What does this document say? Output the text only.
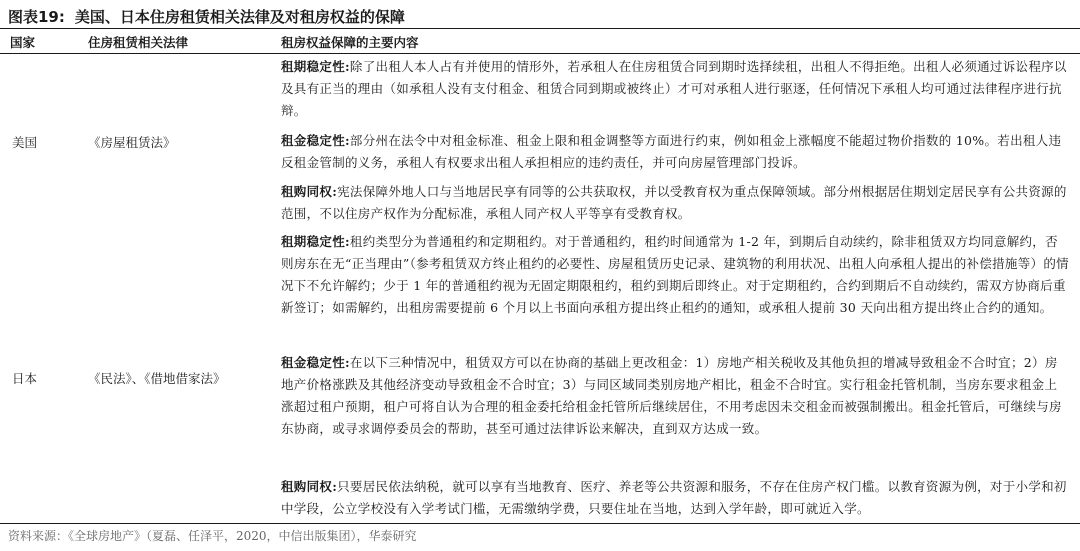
图表19: 美国、日本住房租赁相关法律及对租房权益的保障
国家	住房租赁相关法律	租房权益保障的主要内容
美国	《房屋租赁法》
租期稳定性:除了出租人本人占有并使用的情形外，若承租人在住房租赁合同到期时选择续租，出租人不得拒绝。出租人必须通过诉讼程序以及具有正当的理由（如承租人没有支付租金、租赁合同到期或被终止）才可对承租人进行驱逐，任何情况下承租人均可通过法律程序进行抗辩。
租金稳定性:部分州在法令中对租金标准、租金上限和租金调整等方面进行约束，例如租金上涨幅度不能超过物价指数的 10%。若出租人违反租金管制的义务，承租人有权要求出租人承担相应的违约责任，并可向房屋管理部门投诉。
租购同权:宪法保障外地人口与当地居民享有同等的公共获取权，并以受教育权为重点保障领域。部分州根据居住期划定居民享有公共资源的范围，不以住房产权作为分配标准，承租人同产权人平等享有受教育权。
日本	《民法》、《借地借家法》
租期稳定性:租约类型分为普通租约和定期租约。对于普通租约，租约时间通常为 1-2 年，到期后自动续约，除非租赁双方均同意解约，否则房东在无“正当理由”（参考租赁双方终止租约的必要性、房屋租赁历史记录、建筑物的利用状况、出租人向承租人提出的补偿措施等）的情况下不允许解约；少于 1 年的普通租约视为无固定期限租约，租约到期后即终止。对于定期租约，合约到期后不自动续约，需双方协商后重新签订；如需解约，出租房需要提前 6 个月以上书面向承租方提出终止租约的通知，或承租人提前 30 天向出租方提出终止合约的通知。
租金稳定性:在以下三种情况中，租赁双方可以在协商的基础上更改租金：1）房地产相关税收及其他负担的增减导致租金不合时宜；2）房地产价格涨跌及其他经济变动导致租金不合时宜；3）与同区域同类别房地产相比，租金不合时宜。实行租金托管机制，当房东要求租金上涨超过租户预期，租户可将自认为合理的租金委托给租金托管所后继续居住，不用考虑因未交租金而被强制搬出。租金托管后，可继续与房东协商，或寻求调停委员会的帮助，甚至可通过法律诉讼来解决，直到双方达成一致。
租购同权:只要居民依法纳税，就可以享有当地教育、医疗、养老等公共资源和服务，不存在住房产权门槛。以教育资源为例，对于小学和初中学段，公立学校没有入学考试门槛，无需缴纳学费，只要住址在当地，达到入学年龄，即可就近入学。
资料来源：《全球房地产》（夏磊、任泽平，2020，中信出版集团），华泰研究
